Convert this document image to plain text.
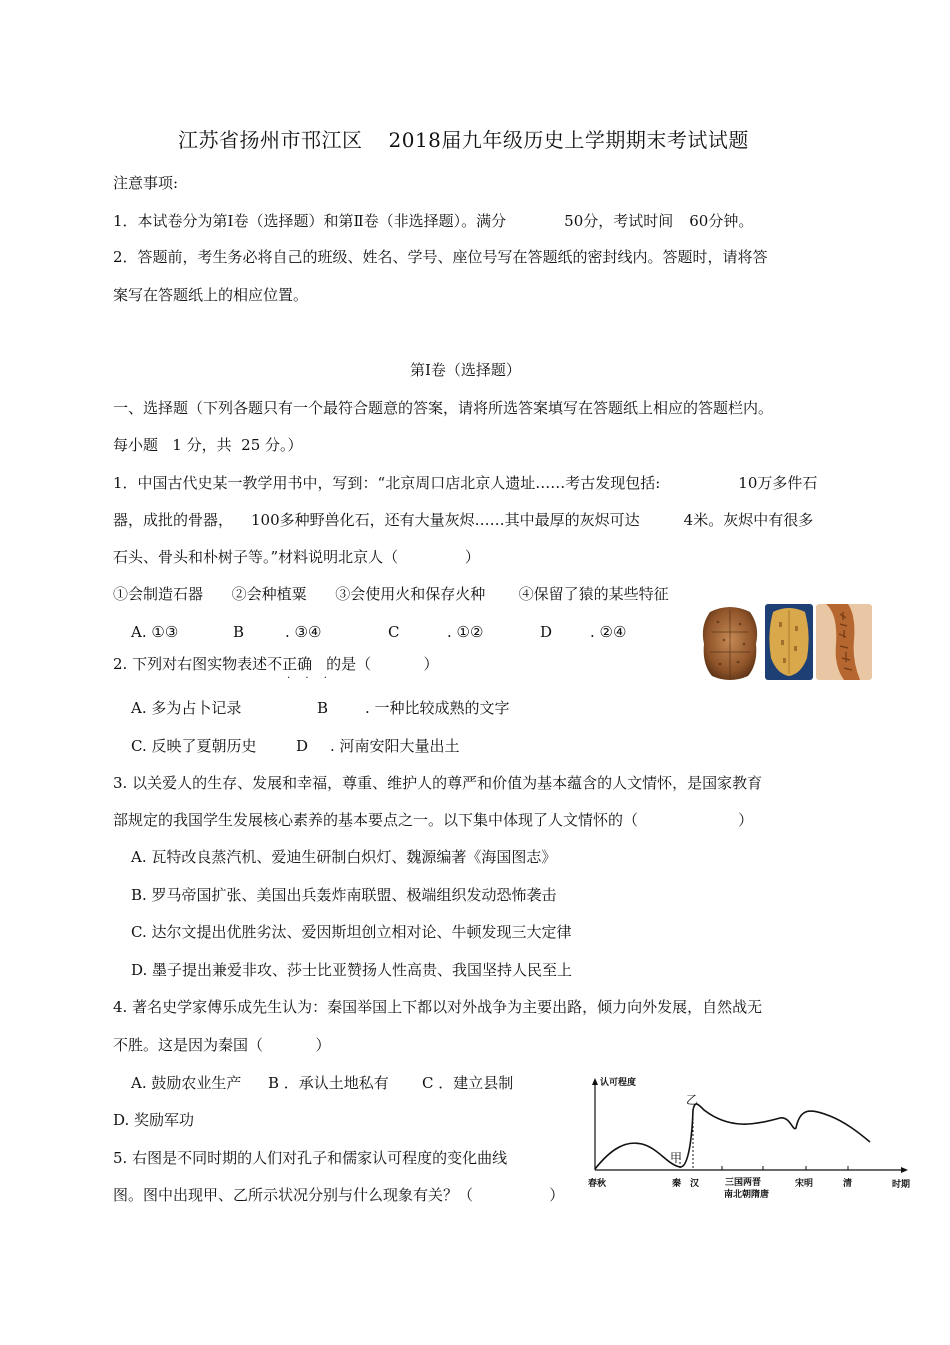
江苏省扬州市邗江区 2018届九年级历史上学期期末考试试题
注意事项:
1．本试卷分为第Ⅰ卷（选择题）和第Ⅱ卷（非选择题）。满分	50分，考试时间 60分钟。
2．答题前，考生务必将自己的班级、姓名、学号、座位号写在答题纸的密封线内。答题时，请将答
案写在答题纸上的相应位置。
第Ⅰ卷（选择题）
一、选择题（下列各题只有一个最符合题意的答案，请将所选答案填写在答题纸上相应的答题栏内。
每小题   1 分，共  25 分。）
1．中国古代史某一教学用书中，写到：“北京周口店北京人遗址……考古发现包括:	10万多件石
器，成批的骨器， 100多种野兽化石，还有大量灰烬……其中最厚的灰烬可达	4米。灰烬中有很多
石头、骨头和朴树子等。”材料说明北京人（              ）
①会制造石器      ②会种植粟      ③会使用火和保存火种       ④保留了猿的某些特征
A. ①③	B	. ③④	C	. ①②	D	. ②④
2. 下列对右图实物表述不正确 的是（           ）
· · ·
A. 多为占卜记录	B . 一种比较成熟的文字
C. 反映了夏朝历史	D . 河南安阳大量出土
3. 以关爱人的生存、发展和幸福，尊重、维护人的尊严和价值为基本蕴含的人文情怀，是国家教育
部规定的我国学生发展核心素养的基本要点之一。以下集中体现了人文情怀的（                     ）
A. 瓦特改良蒸汽机、爱迪生研制白炽灯、魏源编著《海国图志》
B. 罗马帝国扩张、美国出兵轰炸南联盟、极端组织发动恐怖袭击
C. 达尔文提出优胜劣汰、爱因斯坦创立相对论、牛顿发现三大定律
D. 墨子提出兼爱非攻、莎士比亚赞扬人性高贵、我国坚持人民至上
4. 著名史学家傅乐成先生认为：秦国举国上下都以对外战争为主要出路，倾力向外发展，自然战无
不胜。这是因为秦国（           ）
A. 鼓励农业生产 B ．承认土地私有 C ．建立县制
D. 奖励军功
5. 右图是不同时期的人们对孔子和儒家认可程度的变化曲线
图。图中出现甲、乙所示状况分别与什么现象有关？（                ）
认可程度
时期
甲
乙
春秋	秦 汉	三国两晋
南北朝隋唐
宋明	清
